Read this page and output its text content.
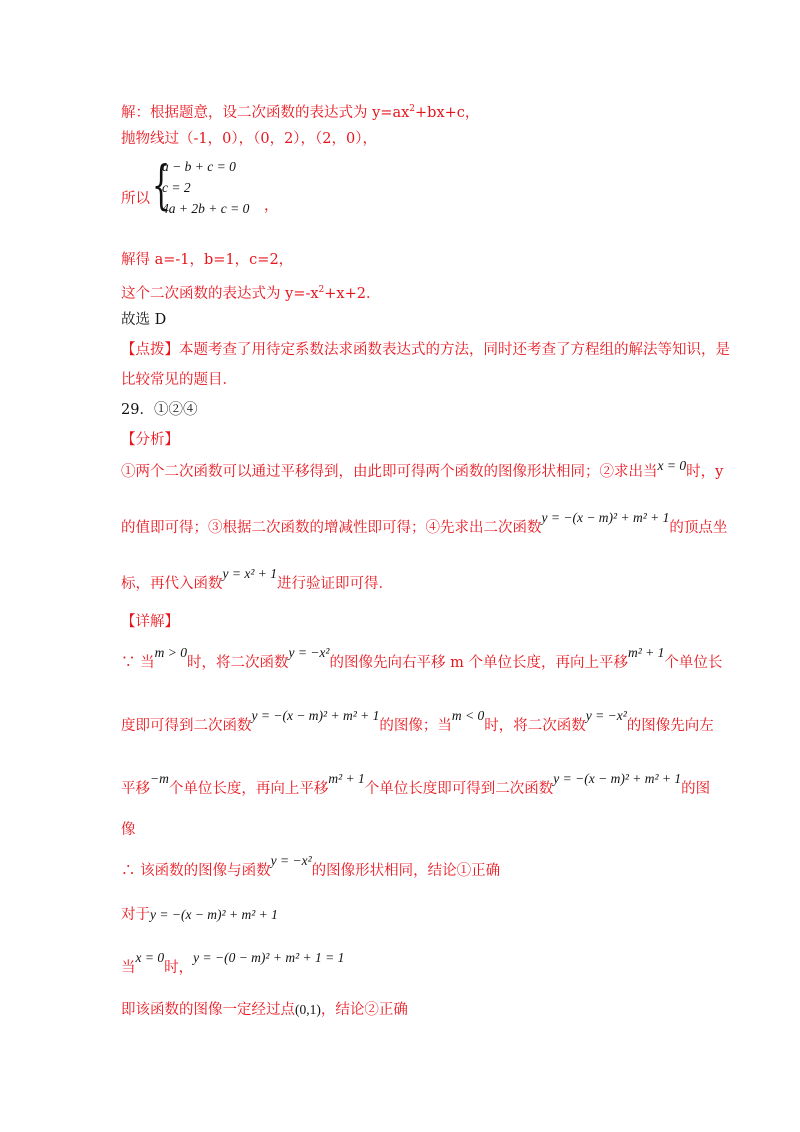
解：根据题意，设二次函数的表达式为 $y=ax^2+bx+c$，
抛物线过（-1，0），（0，2），（2，0），
所以 {
a − b + c = 0
c = 2
4a + 2b + c = 0 ，
解得 a=-1，b=1，c=2，
这个二次函数的表达式为 $y=-x^2+x+2$．
故选 D
【点拨】本题考查了用待定系数法求函数表达式的方法，同时还考查了方程组的解法等知识，是
比较常见的题目．
29．①②④
【分析】
①两个二次函数可以通过平移得到，由此即可得两个函数的图像形状相同；②求出当x = 0时，y
的值即可得；③根据二次函数的增减性即可得；④先求出二次函数y = −(x − m)² + m² + 1的顶点坐
标，再代入函数y = x² + 1进行验证即可得．
【详解】
∵ 当m > 0时，将二次函数y = −x²的图像先向右平移 m 个单位长度，再向上平移m² + 1个单位长
度即可得到二次函数y = −(x − m)² + m² + 1的图像；当m < 0时，将二次函数y = −x²的图像先向左
平移−m个单位长度，再向上平移m² + 1个单位长度即可得到二次函数y = −(x − m)² + m² + 1的图
像
∴ 该函数的图像与函数y = −x²的图像形状相同，结论①正确
对于y = −(x − m)² + m² + 1
当x = 0时，y = −(0 − m)² + m² + 1 = 1
即该函数的图像一定经过点(0,1)，结论②正确
